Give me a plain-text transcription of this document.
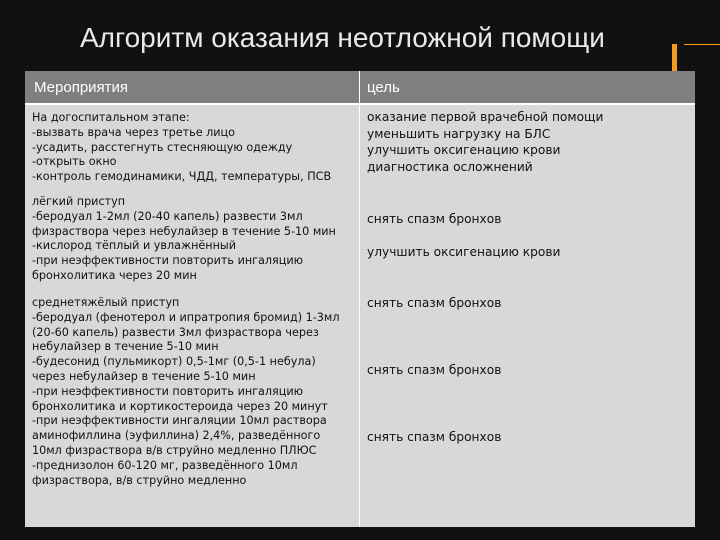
Алгоритм оказания неотложной помощи
Мероприятия	цель

На догоспитальном этапе:
-вызвать врача через третье лицо
-усадить, расстегнуть стесняющую одежду
-открыть окно
-контроль гемодинамики, ЧДД, температуры, ПСВ

оказание первой врачебной помощи
уменьшить нагрузку на БЛС
улучшить оксигенацию крови
диагностика осложнений

лёгкий приступ
-беродуал 1-2мл (20-40 капель) развести 3мл физраствора через небулайзер в течение 5-10 мин
-кислород тёплый и увлажнённый
-при неэффективности повторить ингаляцию бронхолитика через 20 мин

снять спазм бронхов

улучшить оксигенацию крови

среднетяжёлый приступ
-беродуал (фенотерол и ипратропия бромид) 1-3мл (20-60 капель) развести 3мл физраствора через небулайзер в течение 5-10 мин
-будесонид (пульмикорт) 0,5-1мг (0,5-1 небула) через небулайзер в течение 5-10 мин
-при неэффективности повторить ингаляцию бронхолитика и кортикостероида через 20 минут
-при неэффективности ингаляции 10мл раствора аминофиллина (эуфиллина) 2,4%, разведённого 10мл физраствора в/в струйно медленно ПЛЮС
-преднизолон 60-120 мг, разведённого 10мл физраствора, в/в струйно медленно

снять спазм бронхов

снять спазм бронхов

снять спазм бронхов
